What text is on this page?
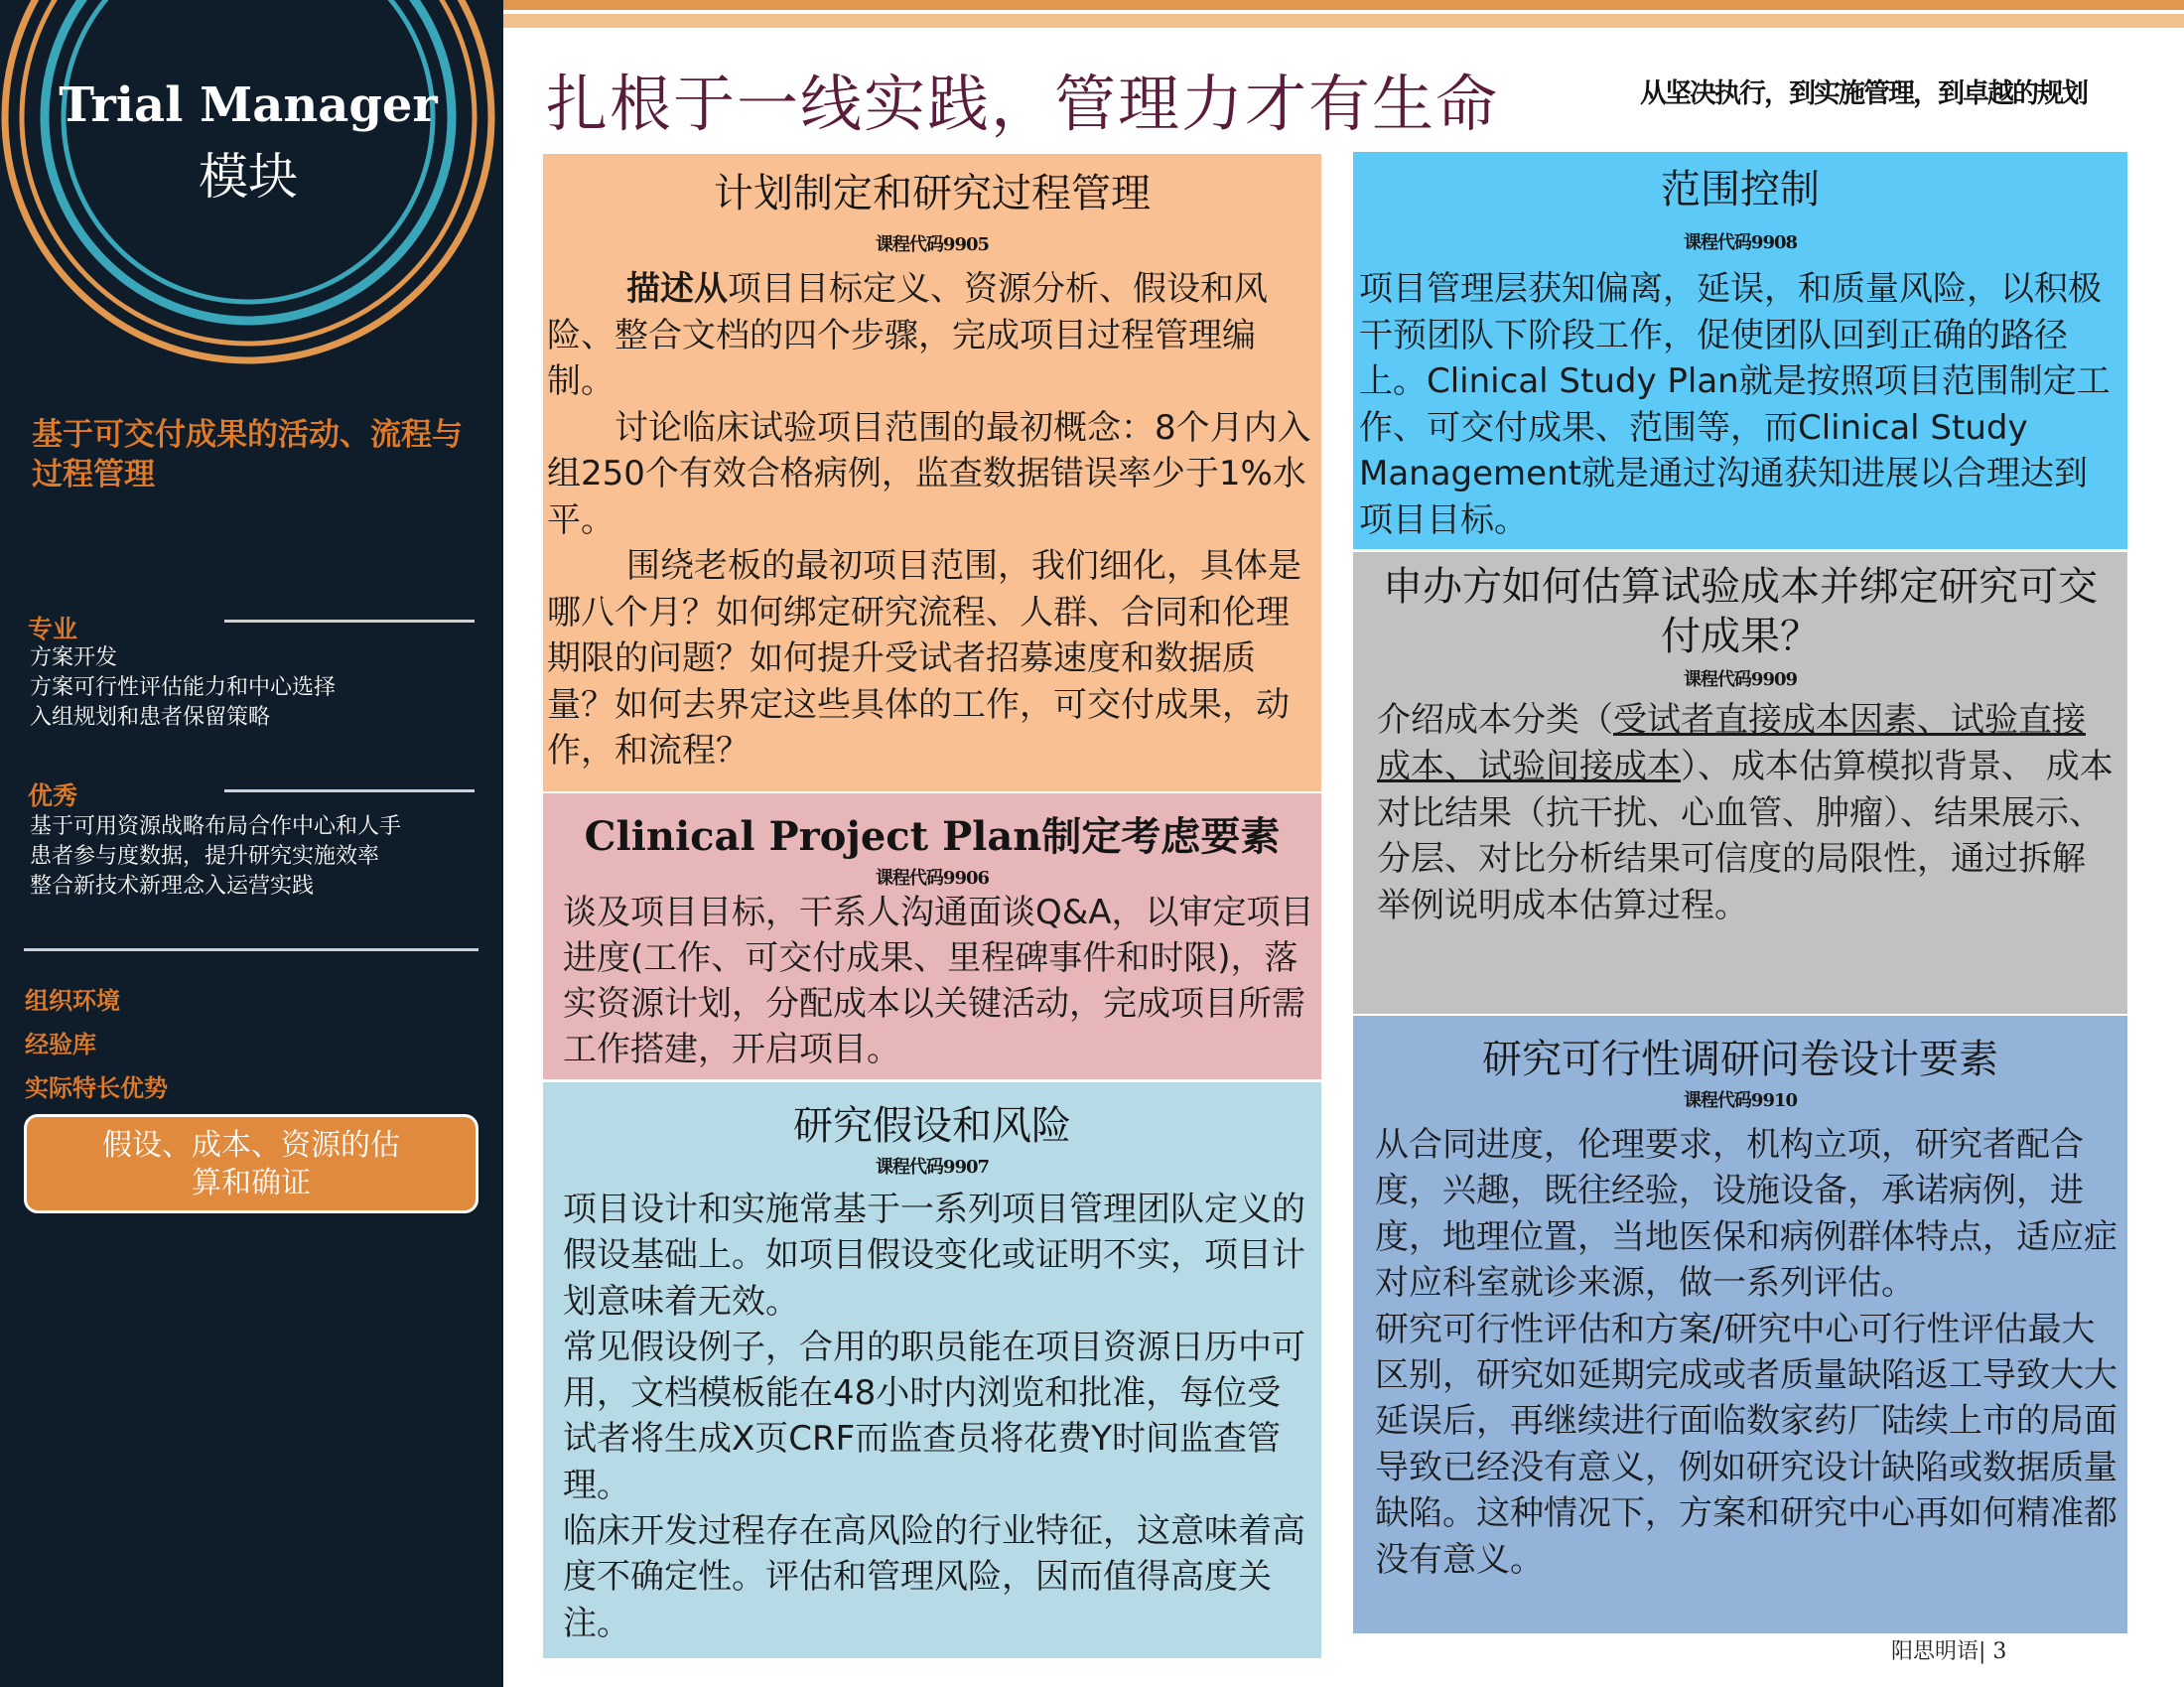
Trial Manager
模块
基于可交付成果的活动、流程与过程管理
专业
方案开发
方案可行性评估能力和中心选择
入组规划和患者保留策略
优秀
基于可用资源战略布局合作中心和人手
患者参与度数据，提升研究实施效率
整合新技术新理念入运营实践
组织环境
经验库
实际特长优势
假设、成本、资源的估算和确证
扎根于一线实践，管理力才有生命	从坚决执行，到实施管理，到卓越的规划
计划制定和研究过程管理
课程代码9905

描述从项目目标定义、资源分析、假设和风险、整合文档的四个步骤，完成项目过程管理编制。

讨论临床试验项目范围的最初概念：8个月内入组250个有效合格病例，监查数据错误率少于1%水平。

围绕老板的最初项目范围，我们细化，具体是哪八个月？如何绑定研究流程、人群、合同和伦理期限的问题？如何提升受试者招募速度和数据质量？如何去界定这些具体的工作，可交付成果，动作，和流程？

Clinical Project Plan制定考虑要素
课程代码9906
谈及项目目标，干系人沟通面谈Q&A，以审定项目进度(工作、可交付成果、里程碑事件和时限)，落实资源计划，分配成本以关键活动，完成项目所需工作搭建，开启项目。
研究假设和风险
课程代码9907

项目设计和实施常基于一系列项目管理团队定义的假设基础上。如项目假设变化或证明不实，项目计划意味着无效。

常见假设例子，合用的职员能在项目资源日历中可用，文档模板能在48小时内浏览和批准，每位受试者将生成X页CRF而监查员将花费Y时间监查管理。

临床开发过程存在高风险的行业特征，这意味着高度不确定性。评估和管理风险，因而值得高度关注。

范围控制
课程代码9908
项目管理层获知偏离，延误，和质量风险，以积极干预团队下阶段工作，促使团队回到正确的路径上。Clinical Study Plan就是按照项目范围制定工作、可交付成果、范围等，而Clinical Study Management就是通过沟通获知进展以合理达到项目目标。
申办方如何估算试验成本并绑定研究可交付成果？
课程代码9909
介绍成本分类（受试者直接成本因素、试验直接成本、试验间接成本）、成本估算模拟背景、 成本对比结果（抗干扰、心血管、肿瘤）、结果展示、分层、对比分析结果可信度的局限性，通过拆解举例说明成本估算过程。
研究可行性调研问卷设计要素
课程代码9910

从合同进度，伦理要求，机构立项，研究者配合度，兴趣，既往经验，设施设备，承诺病例，进度，地理位置，当地医保和病例群体特点，适应症对应科室就诊来源，做一系列评估。

研究可行性评估和方案/研究中心可行性评估最大区别，研究如延期完成或者质量缺陷返工导致大大延误后，再继续进行面临数家药厂陆续上市的局面导致已经没有意义，例如研究设计缺陷或数据质量缺陷。这种情况下，方案和研究中心再如何精准都没有意义。

阳思明语| 3
